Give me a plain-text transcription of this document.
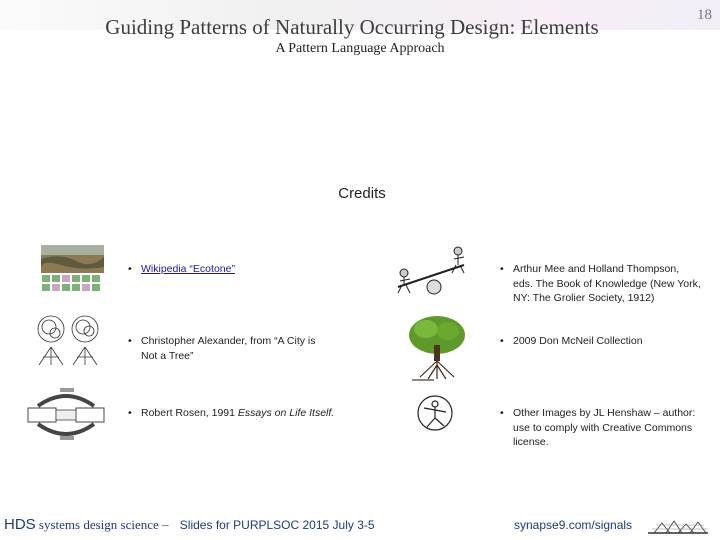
Guiding Patterns of Naturally Occurring Design: Elements	18
A Pattern Language Approach
Credits
• Wikipedia “Ecotone”
• Christopher Alexander, from “A City is
Not a Tree”
• Robert Rosen, 1991 Essays on Life Itself.
• Arthur Mee and Holland Thompson,
eds. The Book of Knowledge (New York,
NY: The Grolier Society, 1912)
• 2009 Don McNeil Collection
• Other Images by JL Henshaw – author:
use to comply with Creative Commons
license.
HDS systems design science – Slides for PURPLSOC 2015 July 3-5	synapse9.com/signals
